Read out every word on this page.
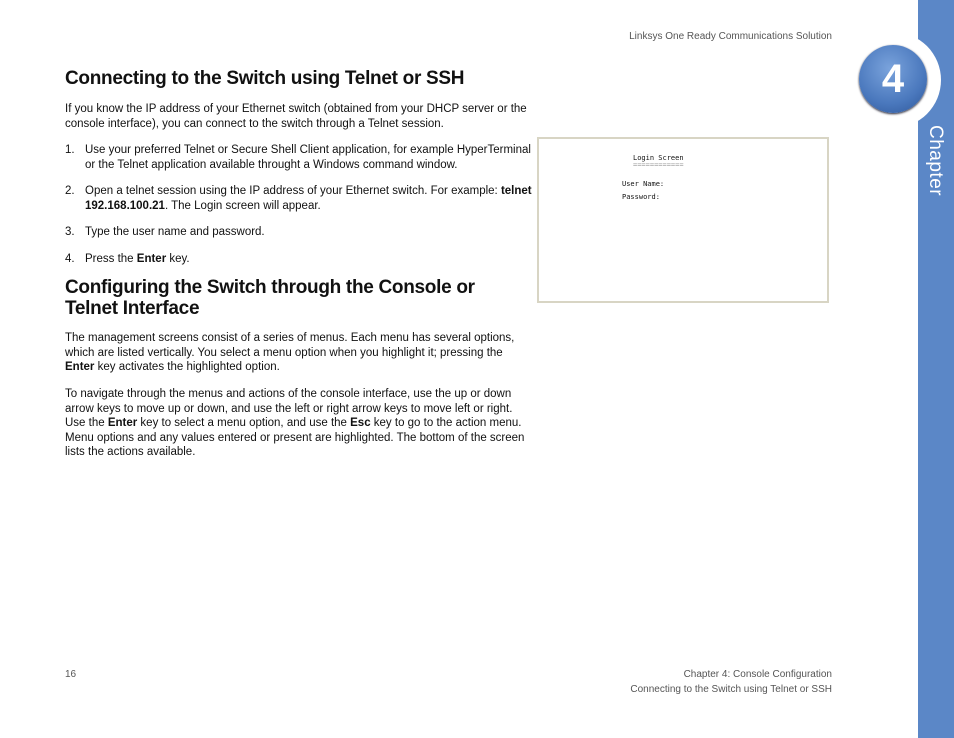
4
Chapter
Linksys One Ready Communications Solution
Connecting to the Switch using Telnet or SSH
If you know the IP address of your Ethernet switch (obtained from your DHCP server or the console interface), you can connect to the switch through a Telnet session.
1. Use your preferred Telnet or Secure Shell Client application, for example HyperTerminal or the Telnet application available throught a Windows command window.
2. Open a telnet session using the IP address of your Ethernet switch. For example: telnet 192.168.100.21. The Login screen will appear.
3. Type the user name and password.
4. Press the Enter key.
Configuring the Switch through the Console or Telnet Interface
The management screens consist of a series of menus. Each menu has several options, which are listed vertically. You select a menu option when you highlight it; pressing the Enter key activates the highlighted option.
To navigate through the menus and actions of the console interface, use the up or down arrow keys to move up or down, and use the left or right arrow keys to move left or right. Use the Enter key to select a menu option, and use the Esc key to go to the action menu. Menu options and any values entered or present are highlighted. The bottom of the screen lists the actions available.
Login Screen
============
User Name:
Password:
16	Chapter 4: Console Configuration
Connecting to the Switch using Telnet or SSH
